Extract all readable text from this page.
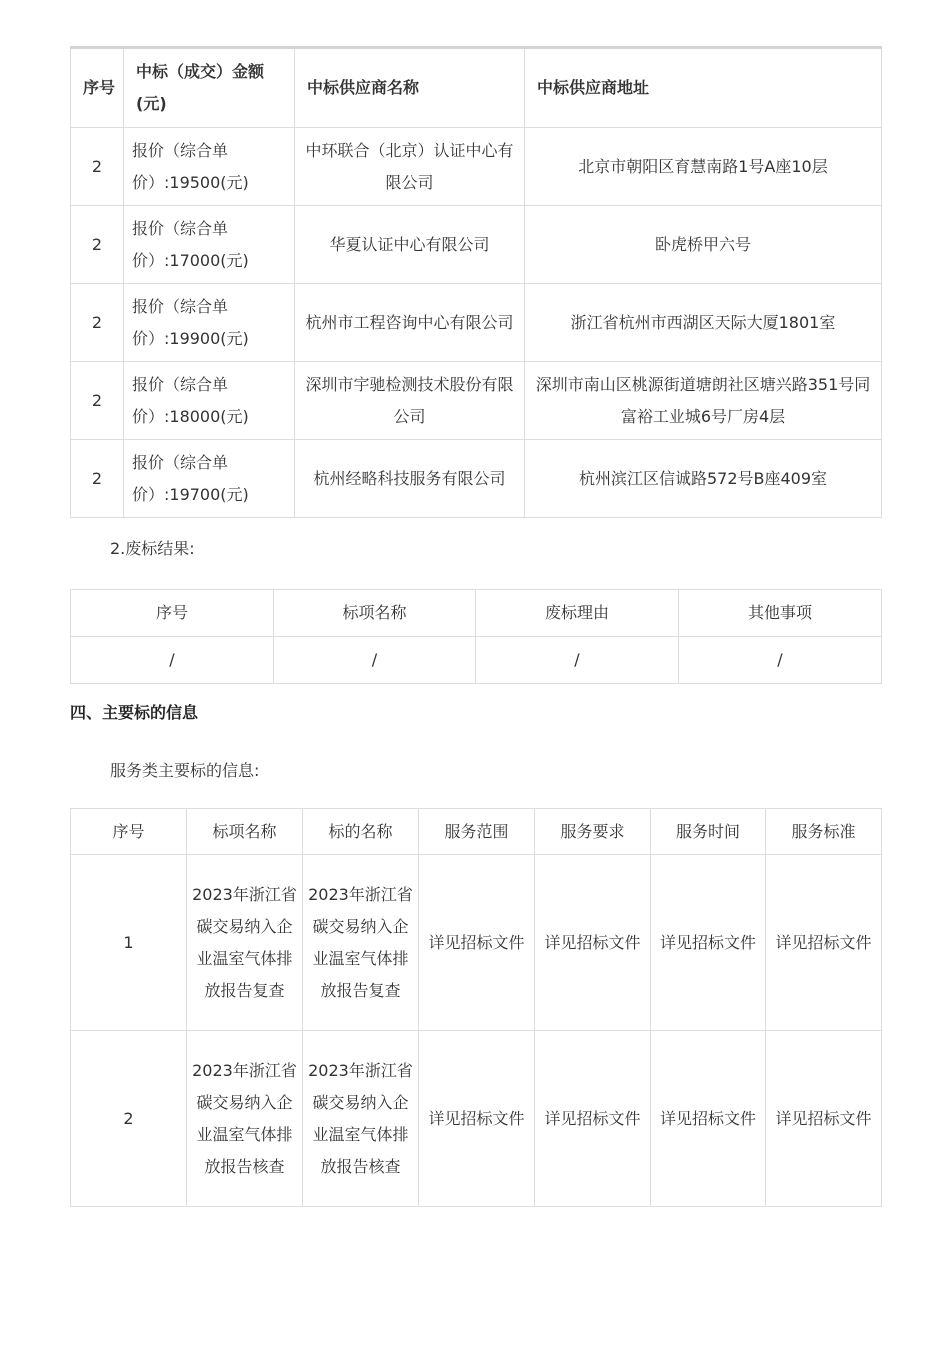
序号	中标（成交）金额(元)	中标供应商名称	中标供应商地址
2	报价（综合单价）:19500(元)	中环联合（北京）认证中心有限公司	北京市朝阳区育慧南路1号A座10层
2	报价（综合单价）:17000(元)	华夏认证中心有限公司	卧虎桥甲六号
2	报价（综合单价）:19900(元)	杭州市工程咨询中心有限公司	浙江省杭州市西湖区天际大厦1801室
2	报价（综合单价）:18000(元)	深圳市宇驰检测技术股份有限公司	深圳市南山区桃源街道塘朗社区塘兴路351号同富裕工业城6号厂房4层
2	报价（综合单价）:19700(元)	杭州经略科技服务有限公司	杭州滨江区信诚路572号B座409室
2.废标结果:
序号	标项名称	废标理由	其他事项
/	/	/	/
四、主要标的信息
服务类主要标的信息:
序号	标项名称	标的名称	服务范围	服务要求	服务时间	服务标准
1	2023年浙江省碳交易纳入企业温室气体排放报告复查	2023年浙江省碳交易纳入企业温室气体排放报告复查	详见招标文件	详见招标文件	详见招标文件	详见招标文件
2	2023年浙江省碳交易纳入企业温室气体排放报告核查	2023年浙江省碳交易纳入企业温室气体排放报告核查	详见招标文件	详见招标文件	详见招标文件	详见招标文件
